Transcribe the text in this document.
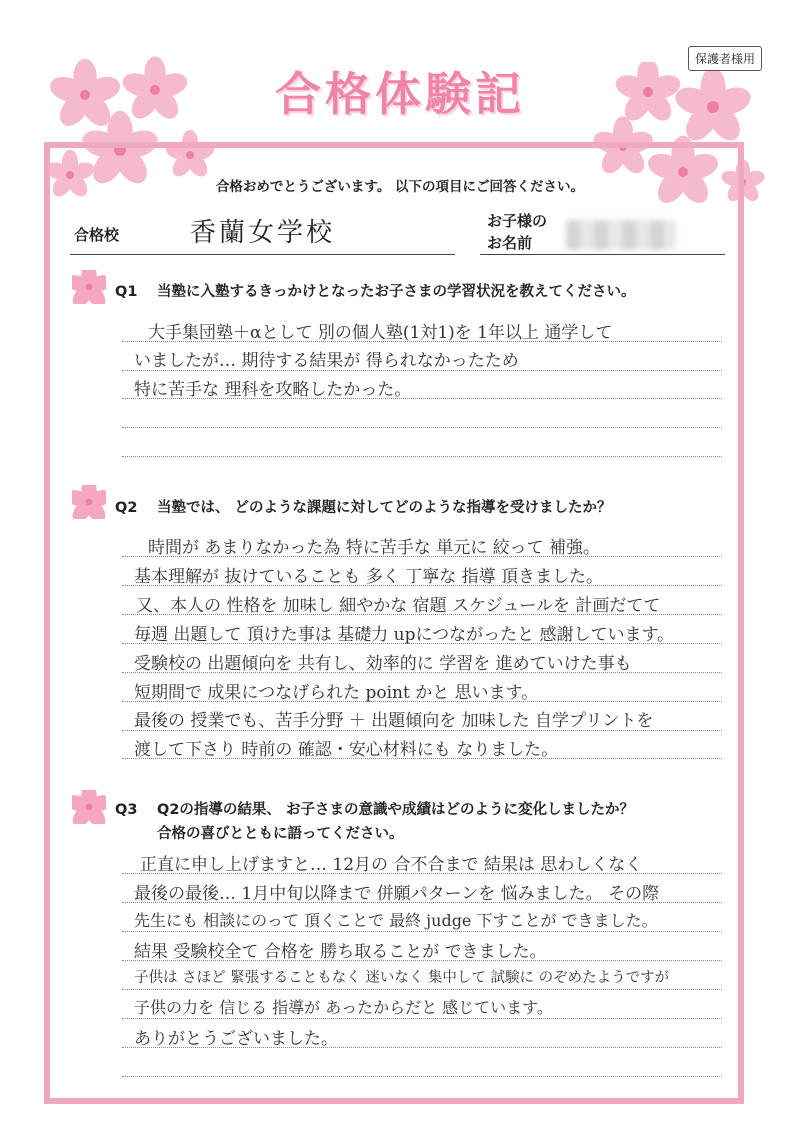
保護者様用
合格体験記
合格おめでとうございます。 以下の項目にご回答ください。
合格校	香蘭女学校	お子様の
お名前
Q1 当塾に入塾するきっかけとなったお子さまの学習状況を教えてください。
大手集団塾＋αとして 別の個人塾(1対1)を 1年以上 通学して
いましたが… 期待する結果が 得られなかったため
特に苦手な 理科を攻略したかった。
Q2 当塾では、 どのような課題に対してどのような指導を受けましたか？
時間が あまりなかった為 特に苦手な 単元に 絞って 補強。
基本理解が 抜けていることも 多く 丁寧な 指導 頂きました。
又、本人の 性格を 加味し 細やかな 宿題 スケジュールを 計画だてて
毎週 出題して 頂けた事は 基礎力 upにつながったと 感謝しています。
受験校の 出題傾向を 共有し、効率的に 学習を 進めていけた事も
短期間で 成果につなげられた point かと 思います。
最後の 授業でも、苦手分野 ＋ 出題傾向を 加味した 自学プリントを
渡して下さり 時前の 確認・安心材料にも なりました。
Q3 Q2の指導の結果、 お子さまの意識や成績はどのように変化しましたか？
合格の喜びとともに語ってください。
正直に申し上げますと… 12月の 合不合まで 結果は 思わしくなく
最後の最後… 1月中旬以降まで 併願パターンを 悩みました。 その際
先生にも 相談にのって 頂くことで 最終 judge 下すことが できました。
結果 受験校全て 合格を 勝ち取ることが できました。
子供は さほど 緊張することもなく 迷いなく 集中して 試験に のぞめたようですが
子供の力を 信じる 指導が あったからだと 感じています。
ありがとうございました。
